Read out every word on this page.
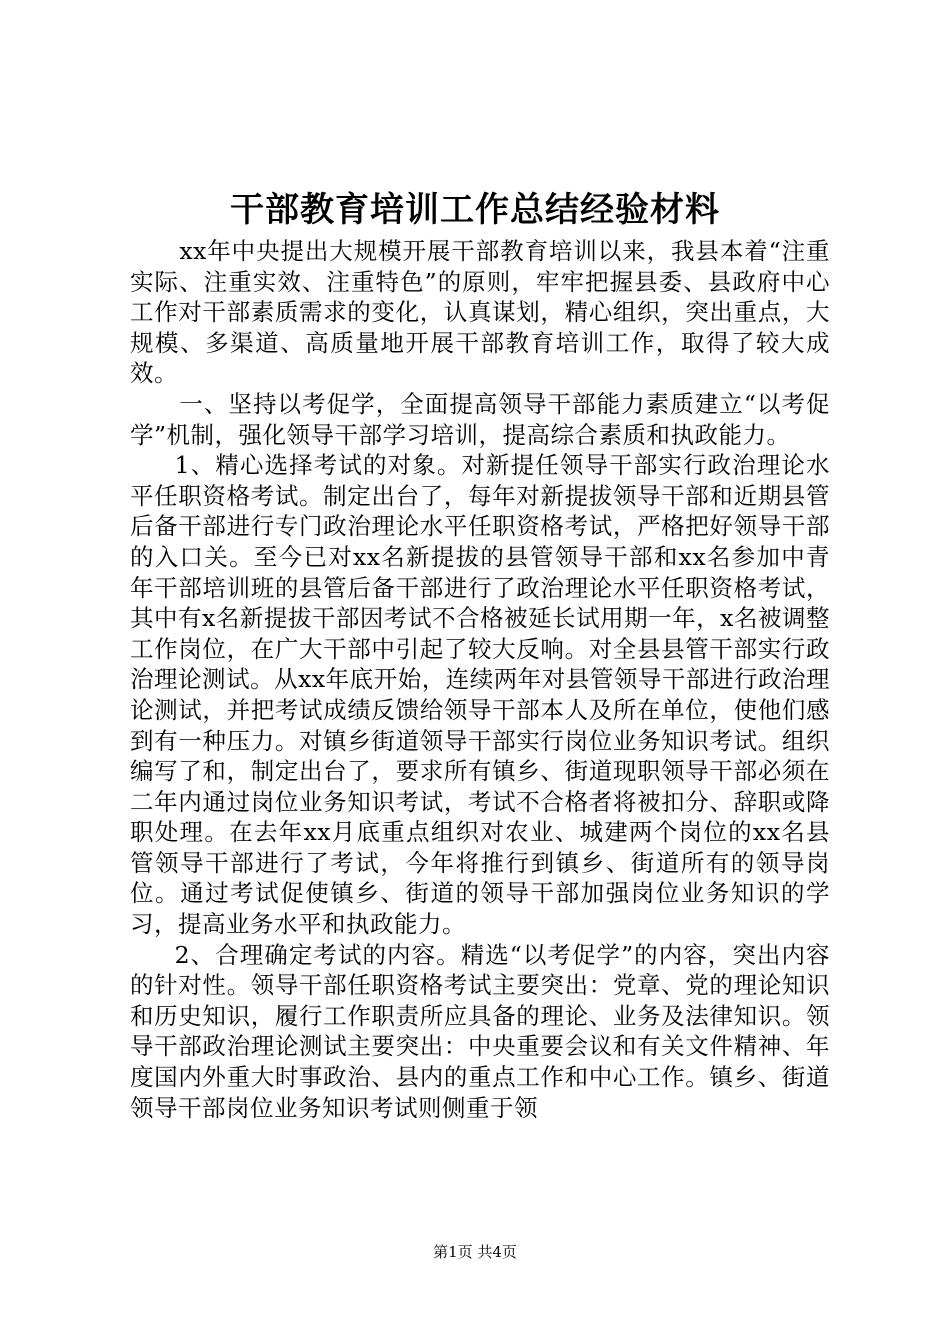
干部教育培训工作总结经验材料

xx年中央提出大规模开展干部教育培训以来，我县本着“注重实际、注重实效、注重特色”的原则，牢牢把握县委、县政府中心工作对干部素质需求的变化，认真谋划，精心组织，突出重点，大规模、多渠道、高质量地开展干部教育培训工作，取得了较大成效。

一、坚持以考促学，全面提高领导干部能力素质建立“以考促学”机制，强化领导干部学习培训，提高综合素质和执政能力。

1、精心选择考试的对象。对新提任领导干部实行政治理论水平任职资格考试。制定出台了，每年对新提拔领导干部和近期县管后备干部进行专门政治理论水平任职资格考试，严格把好领导干部的入口关。至今已对xx名新提拔的县管领导干部和xx名参加中青年干部培训班的县管后备干部进行了政治理论水平任职资格考试，其中有x名新提拔干部因考试不合格被延长试用期一年，x名被调整工作岗位，在广大干部中引起了较大反响。对全县县管干部实行政治理论测试。从xx年底开始，连续两年对县管领导干部进行政治理论测试，并把考试成绩反馈给领导干部本人及所在单位，使他们感到有一种压力。对镇乡街道领导干部实行岗位业务知识考试。组织编写了和，制定出台了，要求所有镇乡、街道现职领导干部必须在二年内通过岗位业务知识考试，考试不合格者将被扣分、辞职或降职处理。在去年xx月底重点组织对农业、城建两个岗位的xx名县管领导干部进行了考试，今年将推行到镇乡、街道所有的领导岗位。通过考试促使镇乡、街道的领导干部加强岗位业务知识的学习，提高业务水平和执政能力。

2、合理确定考试的内容。精选“以考促学”的内容，突出内容的针对性。领导干部任职资格考试主要突出：党章、党的理论知识和历史知识，履行工作职责所应具备的理论、业务及法律知识。领导干部政治理论测试主要突出：中央重要会议和有关文件精神、年度国内外重大时事政治、县内的重点工作和中心工作。镇乡、街道领导干部岗位业务知识考试则侧重于领

第1页 共4页
